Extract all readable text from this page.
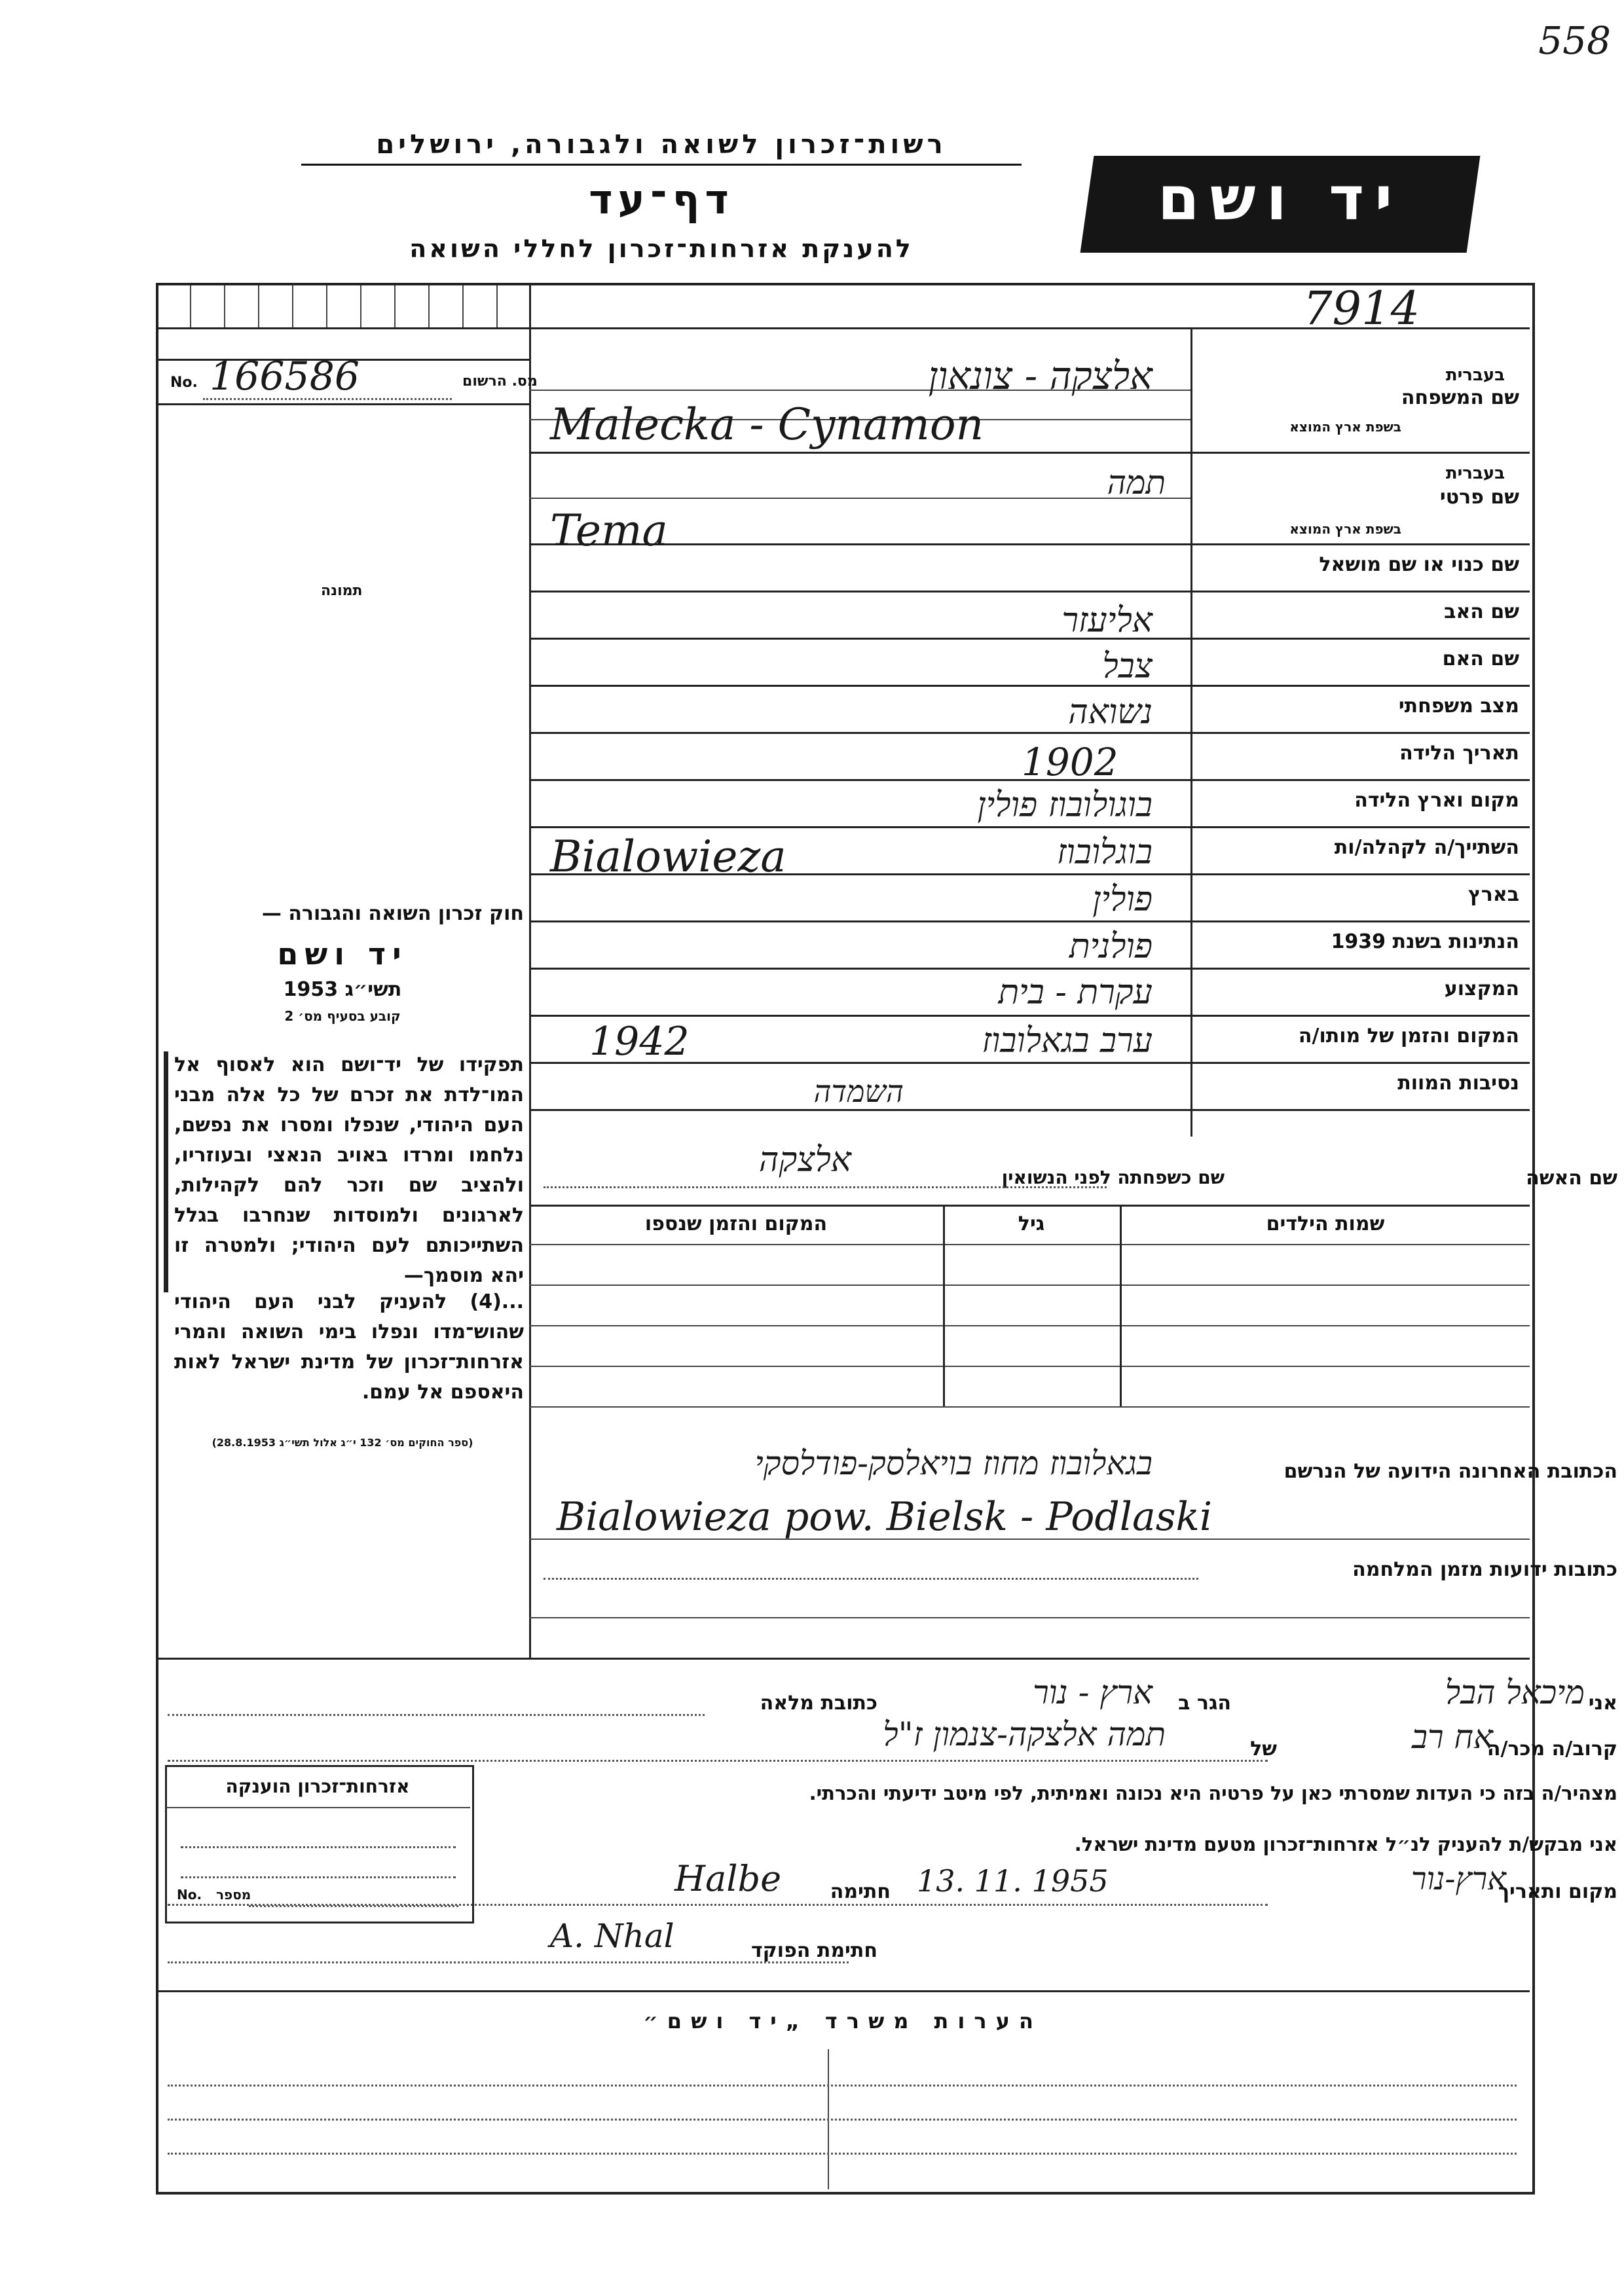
558
רשות־זכרון לשואה ולגבורה, ירושלים
דף־עד
להענקת אזרחות־זכרון לחללי השואה
יד ושם
7914
מס. הרשום
No. 166586
תמונה
שם המשפחה
בעברית
בשפת ארץ המוצא
אלצקה - צונאון
Malecka - Cynamon
שם פרטי
בעברית
בשפת ארץ המוצא
תמה
Tema
שם כנוי או שם מושאל
שם האב
אליעזר
שם האם
צבל
מצב משפחתי
נשואה
תאריך הלידה
1902
מקום וארץ הלידה
בוגולובוז פולין
השתייך/ה לקהלה/ות
Bialowieza	בוגלובוז
בארץ
פולין
הנתינות בשנת 1939
פולנית
המקצוע
עקרת - בית
המקום והזמן של מותו/ה
1942	ערב בגאלובוז
נסיבות המוות
השמדה
שם האשה
שם כשפחתה לפני הנשואין
אלצקה
שמות הילדים
גיל
המקום והזמן שנספו
הכתובת האחרונה הידועה של הנרשם
בגאלובוז מחוז בויאלסק-פודלסקי
Bialowieza pow. Bielsk - Podlaski
כתובות ידועות מזמן המלחמה
חוק זכרון השואה והגבורה —
יד ושם
תשי״ג 1953
קובע בסעיף מס׳ 2
תפקידו של יד־ושם הוא לאסוף אל המו־לדת את זכרם של כל אלה מבני העם היהודי, שנפלו ומסרו את נפשם, נלחמו ומרדו באויב הנאצי ובעוזריו, ולהציב שם וזכר להם לקהילות, לארגונים ולמוסדות שנחרבו בגלל השתייכותם לעם היהודי; ולמטרה זו יהא מוסמך—
...(4) להעניק לבני העם היהודי שהוש־מדו ונפלו בימי השואה והמרי אזרחות־זכרון של מדינת ישראל לאות היאספם אל עמם.
(ספר החוקים מס׳ 132 י״ג אלול תשי״ג 28.8.1953)
אני
מיכאל הבל
הגר ב
ארץ - נור
כתובת מלאה
קרוב/ה מכר/ה
אח רב
של
תמה אלצקה-צנמון ז"ל
מצהיר/ה בזה כי העדות שמסרתי כאן על פרטיה היא נכונה ואמיתית, לפי מיטב ידיעתי והכרתי.
אני מבקש/ת להעניק לנ״ל אזרחות־זכרון מטעם מדינת ישראל.
מקום ותאריך
ארץ-נור
13. 11. 1955
חתימה
Halbe
חתימת הפוקד
A. Nhal
אזרחות־זכרון הוענקה
מספר
No.
הערות משרד „יד ושם״
